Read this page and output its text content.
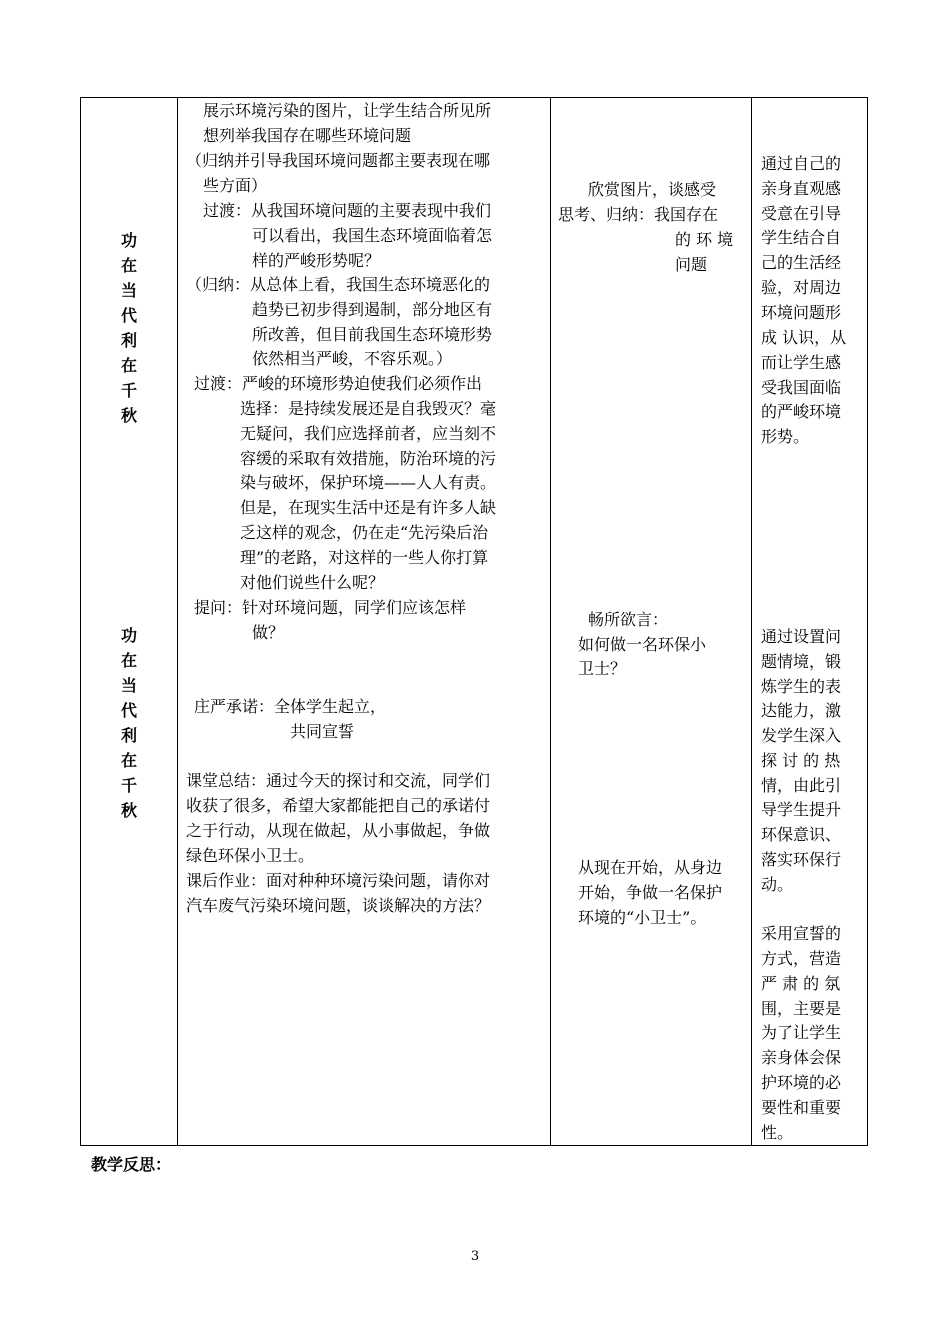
功
在
当
代
利
在
千
秋
功
在
当
代
利
在
千
秋
展示环境污染的图片，让学生结合所见所
想列举我国存在哪些环境问题
（归纳并引导我国环境问题都主要表现在哪
些方面）
过渡：从我国环境问题的主要表现中我们
可以看出，我国生态环境面临着怎
样的严峻形势呢？
（归纳：从总体上看，我国生态环境恶化的
趋势已初步得到遏制，部分地区有
所改善，但目前我国生态环境形势
依然相当严峻，不容乐观。）
过渡：严峻的环境形势迫使我们必须作出
选择：是持续发展还是自我毁灭？毫
无疑问，我们应选择前者，应当刻不
容缓的采取有效措施，防治环境的污
染与破坏，保护环境——人人有责。
但是，在现实生活中还是有许多人缺
乏这样的观念，仍在走“先污染后治
理”的老路，对这样的一些人你打算
对他们说些什么呢？
提问：针对环境问题，同学们应该怎样
做？
庄严承诺：全体学生起立，
共同宣誓
课堂总结：通过今天的探讨和交流，同学们
收获了很多，希望大家都能把自己的承诺付
之于行动，从现在做起，从小事做起，争做
绿色环保小卫士。
课后作业：面对种种环境污染问题，请你对
汽车废气污染环境问题，谈谈解决的方法？
欣赏图片，谈感受
思考、归纳：我国存在
的 环 境
问题
畅所欲言：
如何做一名环保小
卫士？
从现在开始，从身边
开始，争做一名保护
环境的“小卫士”。
通过自己的
亲身直观感
受意在引导
学生结合自
己的生活经
验，对周边
环境问题形
成 认识，从
而让学生感
受我国面临
的严峻环境
形势。
通过设置问
题情境，锻
炼学生的表
达能力，激
发学生深入
探 讨 的 热
情，由此引
导学生提升
环保意识、
落实环保行
动。
采用宣誓的
方式，营造
严 肃 的 氛
围，主要是
为了让学生
亲身体会保
护环境的必
要性和重要
性。
教学反思：
3
